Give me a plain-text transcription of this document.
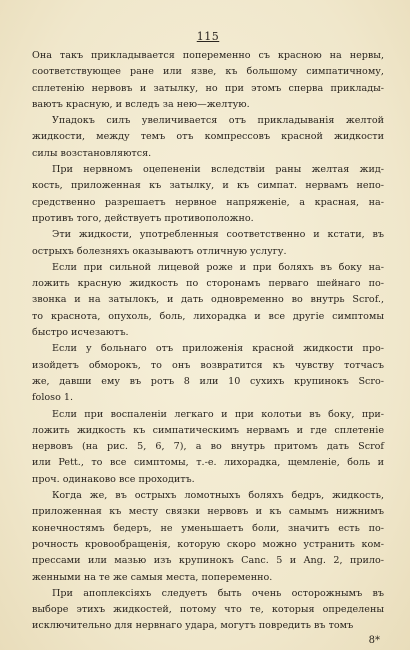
115
Она такъ прикладывается попеременно съ красною на нервы,
соответствующее ране или язве, къ большому симпатичному,
сплетенію нервовъ и затылку, но при этомъ сперва приклады-
ваютъ красную, и вследъ за нею—желтую.
Упадокъ силъ увеличивается отъ прикладыванія желтой
жидкости, между темъ отъ компрессовъ красной жидкости
силы возстановляются.
При нервномъ оцепененіи вследствіи раны желтая жид-
кость, приложенная къ затылку, и къ симпат. нервамъ непо-
средственно разрешаетъ нервное напряженіе, а красная, на-
противъ того, действуетъ противоположно.
Эти жидкости, употребленныя соответственно и кстати, въ
острыхъ болезняхъ оказываютъ отличную услугу.
Если при сильной лицевой роже и при боляхъ въ боку на-
ложить красную жидкость по сторонамъ перваго шейнаго по-
звонка и на затылокъ, и дать одновременно во внутрь Scrof.,
то краснота, опухоль, боль, лихорадка и все другіе симптомы
быстро исчезаютъ.
Если у больнаго отъ приложенія красной жидкости про-
изойдетъ обморокъ, то онъ возвратится къ чувству тотчасъ
же, давши ему въ ротъ 8 или 10 сухихъ крупинокъ Scro-
foloso 1.
Если при воспаленіи легкаго и при колотьи въ боку, при-
ложить жидкость къ симпатическимъ нервамъ и где сплетеніе
нервовъ (на рис. 5, 6, 7), а во внутрь притомъ дать Scrof
или Pett., то все симптомы, т.-е. лихорадка, щемленіе, боль и
проч. одинаково все проходитъ.
Когда же, въ острыхъ ломотныхъ боляхъ бедръ, жидкость,
приложенная къ месту связки нервовъ и къ самымъ нижнимъ
конечностямъ бедеръ, не уменьшаетъ боли, значитъ есть по-
рочность кровообращенія, которую скоро можно устранить ком-
прессами или мазью изъ крупинокъ Canc. 5 и Ang. 2, прило-
женными на те же самыя места, попеременно.
При апоплексіяхъ следуетъ быть очень осторожнымъ въ
выборе этихъ жидкостей, потому что те, которыя определены
исключительно для нервнаго удара, могутъ повредить въ томъ
8*
